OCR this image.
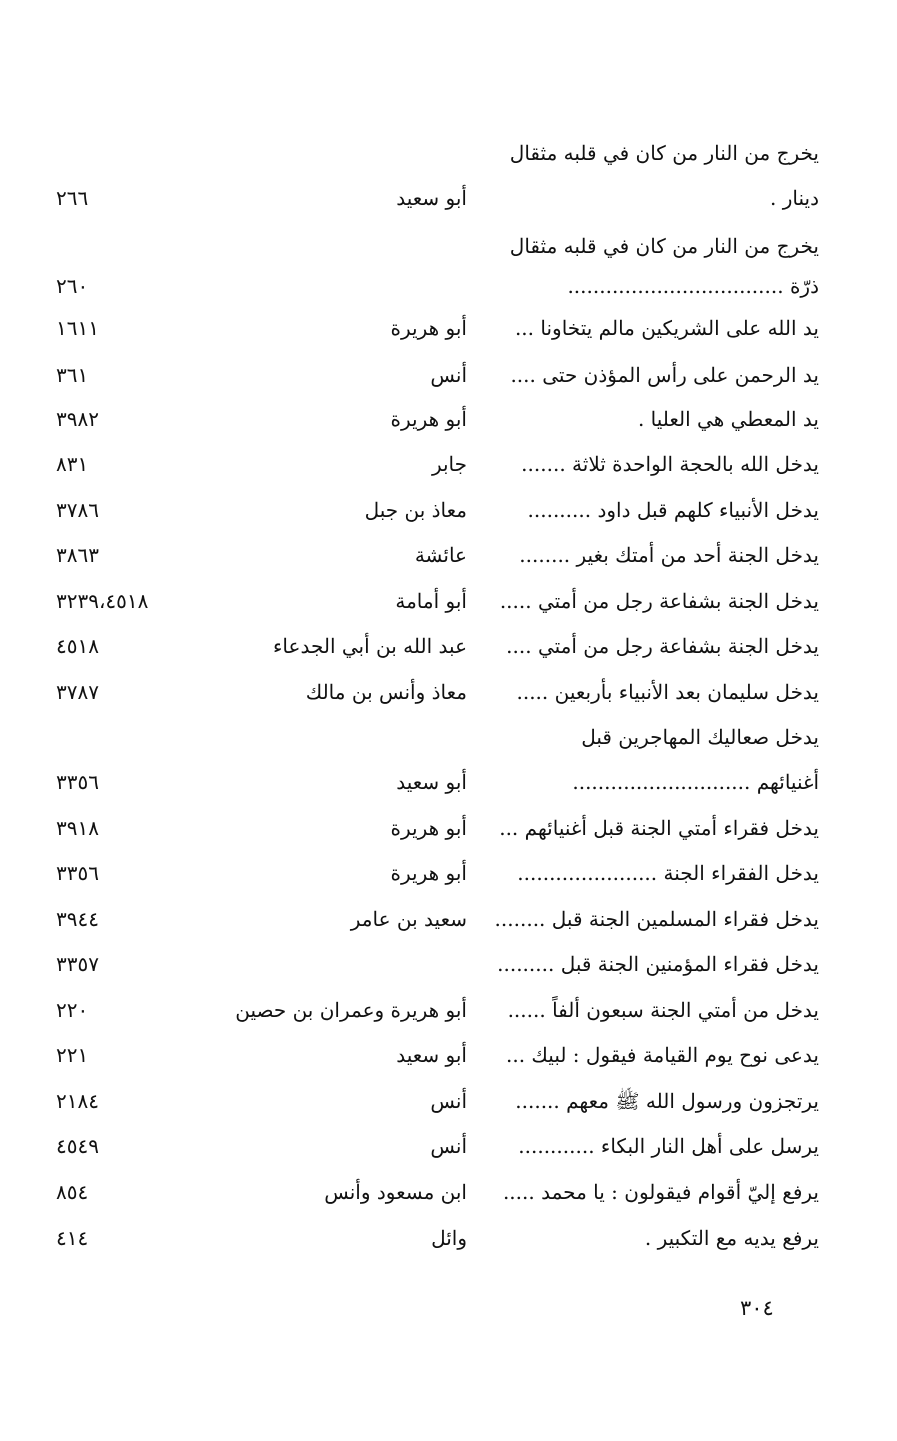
يخرج من النار من كان في قلبه مثقال
دينار .
أبو سعيد
٢٦٦
يخرج من النار من كان في قلبه مثقال
ذرّة ..................................
٢٦٠
يد الله على الشريكين مالم يتخاونا ...
أبو هريرة
١٦١١
يد الرحمن على رأس المؤذن حتى ....
أنس
٣٦١
يد المعطي هي العليا .
أبو هريرة
٣٩٨٢
يدخل الله بالحجة الواحدة ثلاثة .......
جابر
٨٣١
يدخل الأنبياء كلهم قبل داود ..........
معاذ بن جبل
٣٧٨٦
يدخل الجنة أحد من أمتك بغير ........
عائشة
٣٨٦٣
يدخل الجنة بشفاعة رجل من أمتي .....
أبو أمامة
٣٢٣٩،٤٥١٨
يدخل الجنة بشفاعة رجل من أمتي ....
عبد الله بن أبي الجدعاء
٤٥١٨
يدخل سليمان بعد الأنبياء بأربعين .....
معاذ وأنس بن مالك
٣٧٨٧
يدخل صعاليك المهاجرين قبل
أغنيائهم ............................
أبو سعيد
٣٣٥٦
يدخل فقراء أمتي الجنة قبل أغنيائهم ...
أبو هريرة
٣٩١٨
يدخل الفقراء الجنة ......................
أبو هريرة
٣٣٥٦
يدخل فقراء المسلمين الجنة قبل ........
سعيد بن عامر
٣٩٤٤
يدخل فقراء المؤمنين الجنة قبل .........
٣٣٥٧
يدخل من أمتي الجنة سبعون ألفاً ......
أبو هريرة وعمران بن حصين
٢٢٠
يدعى نوح يوم القيامة فيقول : لبيك ...
أبو سعيد
٢٢١
يرتجزون ورسول الله ﷺ معهم .......
أنس
٢١٨٤
يرسل على أهل النار البكاء ............
أنس
٤٥٤٩
يرفع إليّ أقوام فيقولون : يا محمد .....
ابن مسعود وأنس
٨٥٤
يرفع يديه مع التكبير .
وائل
٤١٤
٣٠٤
